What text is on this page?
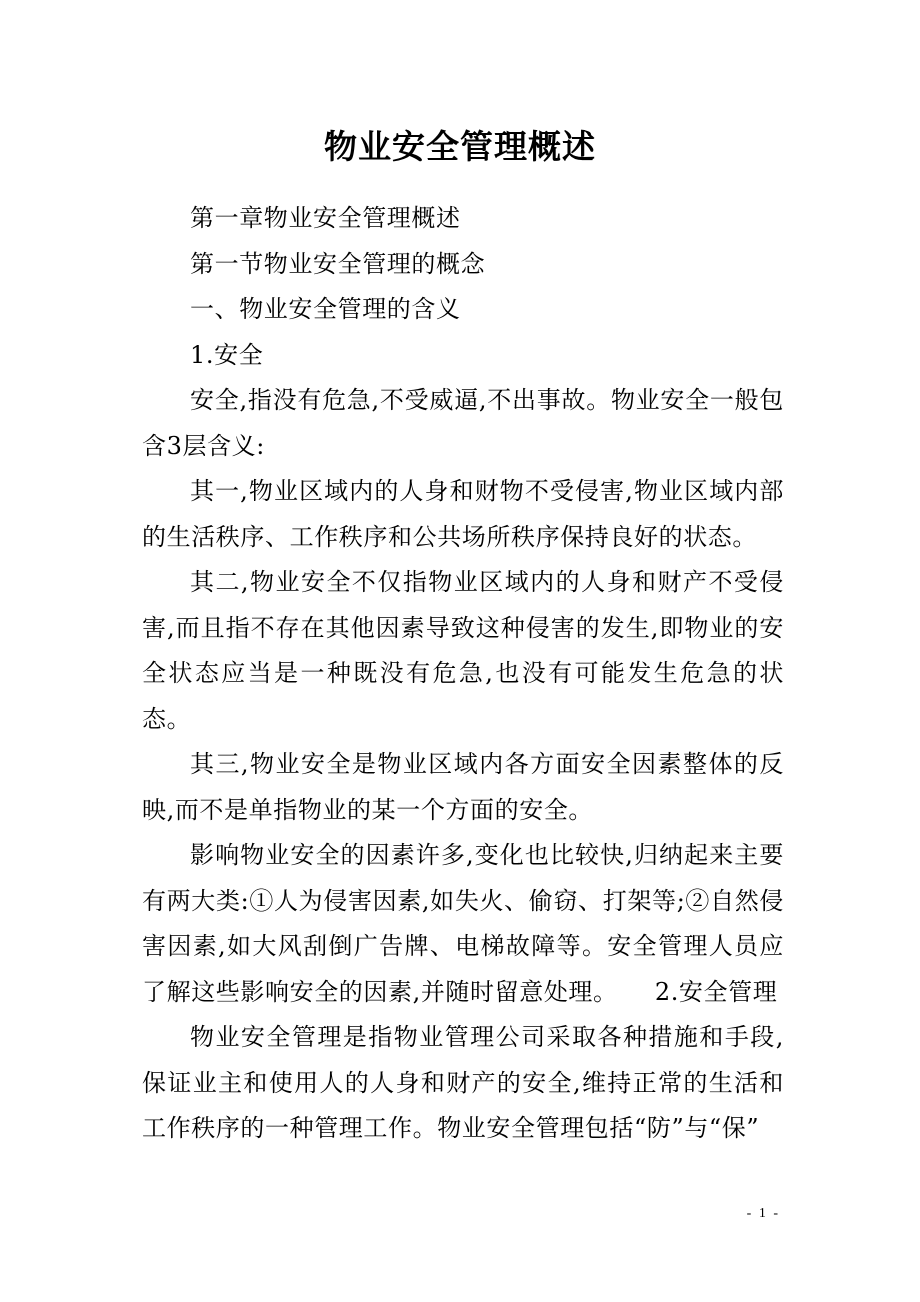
物业安全管理概述

第一章物业安全管理概述

第一节物业安全管理的概念

一、物业安全管理的含义

1.安全

安全,指没有危急,不受威逼,不出事故。物业安全一般包含3层含义:

其一,物业区域内的人身和财物不受侵害,物业区域内部的生活秩序、工作秩序和公共场所秩序保持良好的状态。

其二,物业安全不仅指物业区域内的人身和财产不受侵害,而且指不存在其他因素导致这种侵害的发生,即物业的安全状态应当是一种既没有危急,也没有可能发生危急的状态。

其三,物业安全是物业区域内各方面安全因素整体的反映,而不是单指物业的某一个方面的安全。

影响物业安全的因素许多,变化也比较快,归纳起来主要有两大类:①人为侵害因素,如失火、偷窃、打架等;②自然侵害因素,如大风刮倒广告牌、电梯故障等。安全管理人员应了解这些影响安全的因素,并随时留意处理。　　2.安全管理

物业安全管理是指物业管理公司采取各种措施和手段,保证业主和使用人的人身和财产的安全,维持正常的生活和工作秩序的一种管理工作。物业安全管理包括“防”与“保”

- 1 -
